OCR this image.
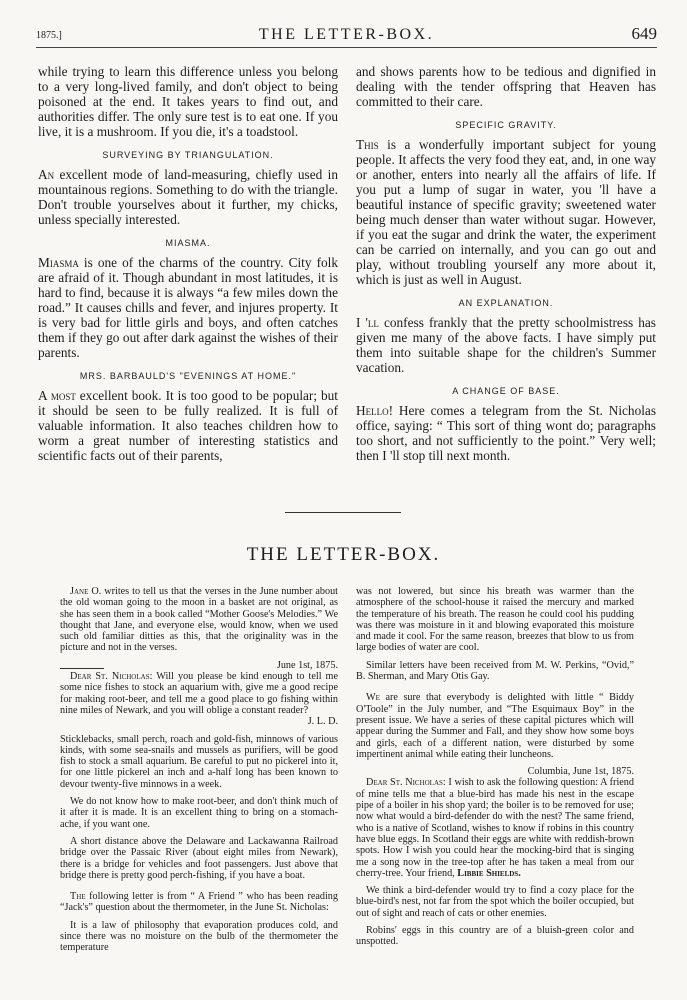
1875.]	THE LETTER-BOX.	649

while trying to learn this difference unless you belong to a very long-lived family, and don't object to being poisoned at the end. It takes years to find out, and authorities differ. The only sure test is to eat one. If you live, it is a mushroom. If you die, it's a toadstool.

SURVEYING BY TRIANGULATION.

An excellent mode of land-measuring, chiefly used in mountainous regions. Something to do with the triangle. Don't trouble yourselves about it further, my chicks, unless specially interested.

MIASMA.

Miasma is one of the charms of the country. City folk are afraid of it. Though abundant in most latitudes, it is hard to find, because it is always “a few miles down the road.” It causes chills and fever, and injures property. It is very bad for little girls and boys, and often catches them if they go out after dark against the wishes of their parents.

MRS. BARBAULD'S "EVENINGS AT HOME."

A most excellent book. It is too good to be popular; but it should be seen to be fully realized. It is full of valuable information. It also teaches children how to worm a great number of interesting statistics and scientific facts out of their parents,

and shows parents how to be tedious and dignified in dealing with the tender offspring that Heaven has committed to their care.

SPECIFIC GRAVITY.

This is a wonderfully important subject for young people. It affects the very food they eat, and, in one way or another, enters into nearly all the affairs of life. If you put a lump of sugar in water, you 'll have a beautiful instance of specific gravity; sweetened water being much denser than water without sugar. However, if you eat the sugar and drink the water, the experiment can be carried on internally, and you can go out and play, without troubling yourself any more about it, which is just as well in August.

AN EXPLANATION.

I 'll confess frankly that the pretty schoolmistress has given me many of the above facts. I have simply put them into suitable shape for the children's Summer vacation.

A CHANGE OF BASE.

Hello! Here comes a telegram from the St. Nicholas office, saying: “ This sort of thing wont do; paragraphs too short, and not sufficiently to the point.” Very well; then I 'll stop till next month.

THE LETTER-BOX.

Jane O. writes to tell us that the verses in the June number about the old woman going to the moon in a basket are not original, as she has seen them in a book called “Mother Goose's Melodies.” We thought that Jane, and everyone else, would know, when we used such old familiar ditties as this, that the originality was in the picture and not in the verses.

June 1st, 1875.

Dear St. Nicholas: Will you please be kind enough to tell me some nice fishes to stock an aquarium with, give me a good recipe for making root-beer, and tell me a good place to go fishing within nine miles of Newark, and you will oblige a constant reader?

J. L. D.

Sticklebacks, small perch, roach and gold-fish, minnows of various kinds, with some sea-snails and mussels as purifiers, will be good fish to stock a small aquarium. Be careful to put no pickerel into it, for one little pickerel an inch and a-half long has been known to devour twenty-five minnows in a week.

We do not know how to make root-beer, and don't think much of it after it is made. It is an excellent thing to bring on a stomach-ache, if you want one.

A short distance above the Delaware and Lackawanna Railroad bridge over the Passaic River (about eight miles from Newark), there is a bridge for vehicles and foot passengers. Just above that bridge there is pretty good perch-fishing, if you have a boat.

The following letter is from “ A Friend ” who has been reading “Jack's” question about the thermometer, in the June St. Nicholas:

It is a law of philosophy that evaporation produces cold, and since there was no moisture on the bulb of the thermometer the temperature

was not lowered, but since his breath was warmer than the atmosphere of the school-house it raised the mercury and marked the temperature of his breath. The reason he could cool his pudding was there was moisture in it and blowing evaporated this moisture and made it cool. For the same reason, breezes that blow to us from large bodies of water are cool.

Similar letters have been received from M. W. Perkins, “Ovid,” B. Sherman, and Mary Otis Gay.

We are sure that everybody is delighted with little “ Biddy O'Toole” in the July number, and “The Esquimaux Boy” in the present issue. We have a series of these capital pictures which will appear during the Summer and Fall, and they show how some boys and girls, each of a different nation, were disturbed by some impertinent animal while eating their luncheons.

Columbia, June 1st, 1875.

Dear St. Nicholas: I wish to ask the following question: A friend of mine tells me that a blue-bird has made his nest in the escape pipe of a boiler in his shop yard; the boiler is to be removed for use; now what would a bird-defender do with the nest? The same friend, who is a native of Scotland, wishes to know if robins in this country have blue eggs. In Scotland their eggs are white with reddish-brown spots. How I wish you could hear the mocking-bird that is singing me a song now in the tree-top after he has taken a meal from our cherry-tree. Your friend, Libbie Shields.

We think a bird-defender would try to find a cozy place for the blue-bird's nest, not far from the spot which the boiler occupied, but out of sight and reach of cats or other enemies.

Robins' eggs in this country are of a bluish-green color and unspotted.
